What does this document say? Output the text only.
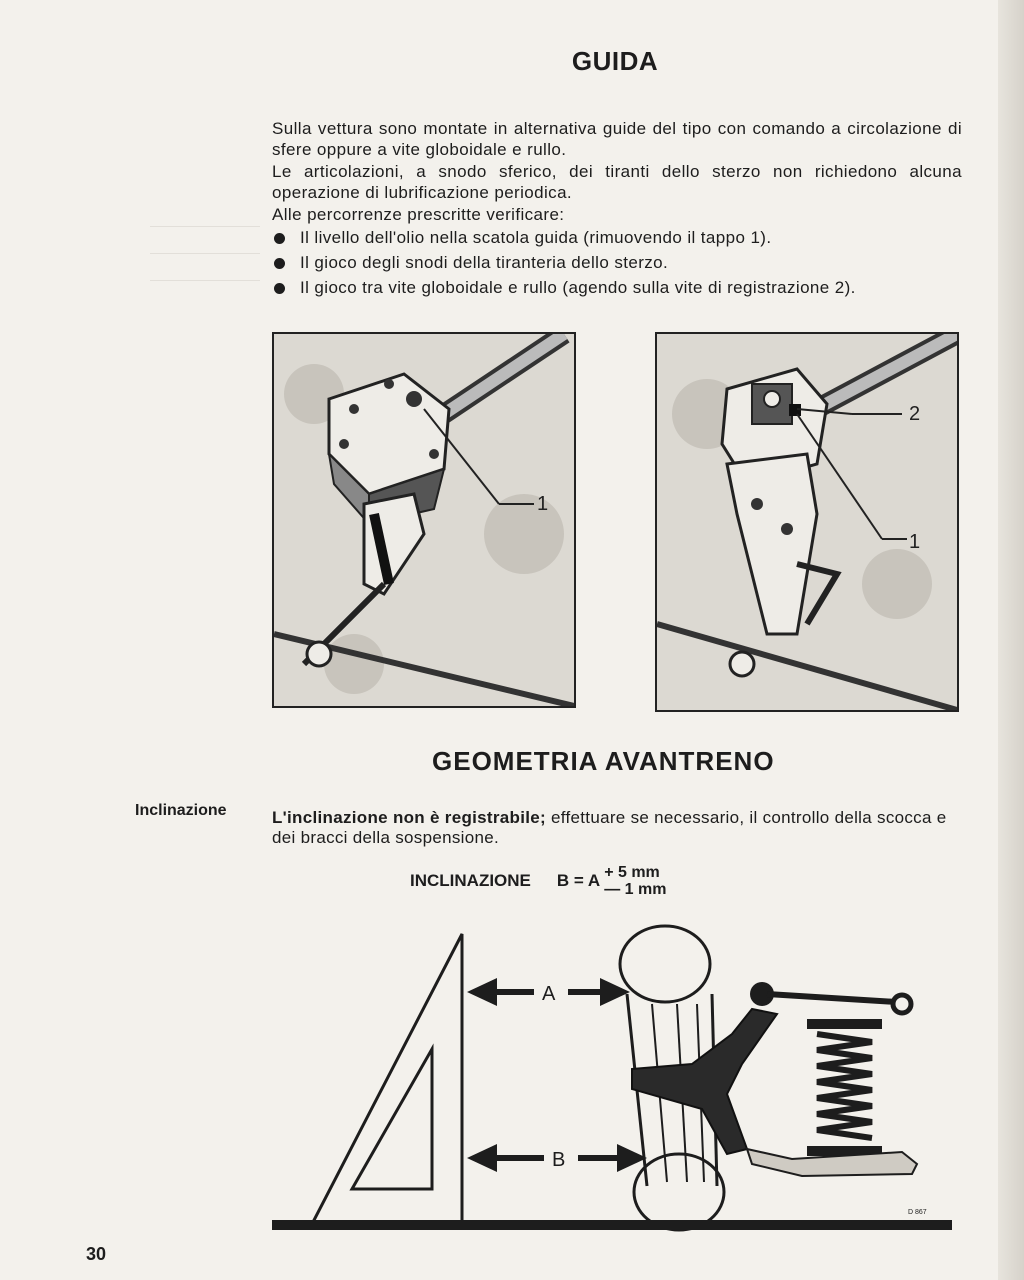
GUIDA

Sulla vettura sono montate in alternativa guide del tipo con comando a circolazione di sfere oppure a vite globoidale e rullo.

Le articolazioni, a snodo sferico, dei tiranti dello sterzo non richiedono alcuna operazione di lubrificazione periodica.

Alle percorrenze prescritte verificare:

Il livello dell'olio nella scatola guida (rimuovendo il tappo 1).
Il gioco degli snodi della tiranteria dello sterzo.
Il gioco tra vite globoidale e rullo (agendo sulla vite di registrazione 2).
1
2
1
GEOMETRIA AVANTRENO
Inclinazione	L'inclinazione non è registrabile; effettuare se necessario, il controllo della scocca e dei bracci della sospensione.
INCLINAZIONE B = A + 5 mm
— 1 mm
A
B
D 867
30
